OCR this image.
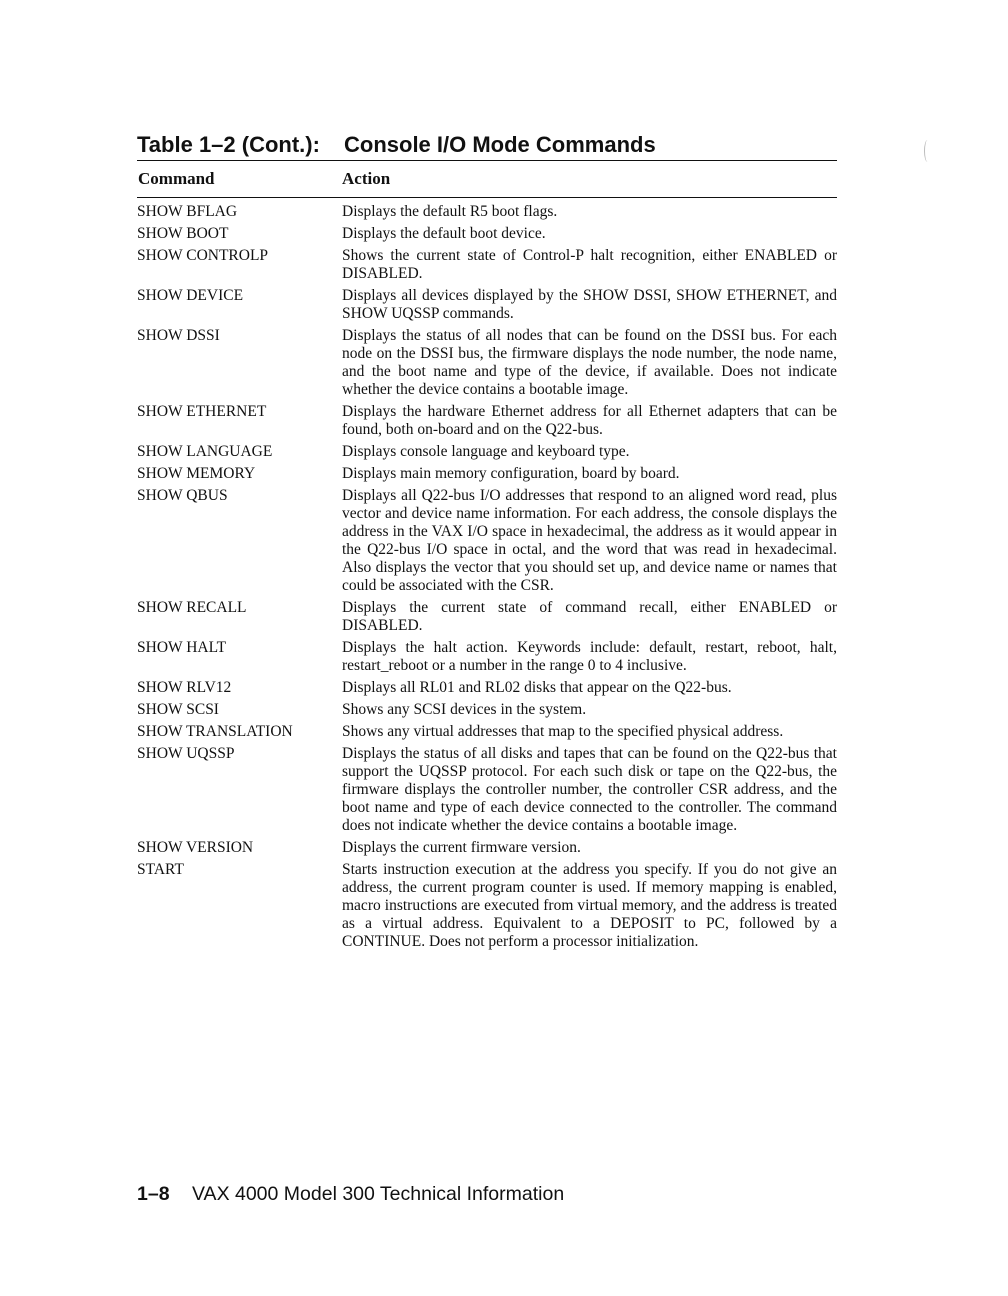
Table 1–2 (Cont.): Console I/O Mode Commands
Command	Action
SHOW BFLAG	Displays the default R5 boot flags.
SHOW BOOT	Displays the default boot device.
SHOW CONTROLP	Shows the current state of Control-P halt recognition, either ENABLED or DISABLED.
SHOW DEVICE	Displays all devices displayed by the SHOW DSSI, SHOW ETHERNET, and SHOW UQSSP commands.
SHOW DSSI	Displays the status of all nodes that can be found on the DSSI bus. For each node on the DSSI bus, the firmware displays the node number, the node name, and the boot name and type of the device, if available. Does not indicate whether the device contains a bootable image.
SHOW ETHERNET	Displays the hardware Ethernet address for all Ethernet adapters that can be found, both on-board and on the Q22-bus.
SHOW LANGUAGE	Displays console language and keyboard type.
SHOW MEMORY	Displays main memory configuration, board by board.
SHOW QBUS	Displays all Q22-bus I/O addresses that respond to an aligned word read, plus vector and device name information. For each address, the console displays the address in the VAX I/O space in hexadecimal, the address as it would appear in the Q22-bus I/O space in octal, and the word that was read in hexadecimal. Also displays the vector that you should set up, and device name or names that could be associated with the CSR.
SHOW RECALL	Displays the current state of command recall, either ENABLED or DISABLED.
SHOW HALT	Displays the halt action. Keywords include: default, restart, reboot, halt, restart_reboot or a number in the range 0 to 4 inclusive.
SHOW RLV12	Displays all RL01 and RL02 disks that appear on the Q22-bus.
SHOW SCSI	Shows any SCSI devices in the system.
SHOW TRANSLATION	Shows any virtual addresses that map to the specified physical address.
SHOW UQSSP	Displays the status of all disks and tapes that can be found on the Q22-bus that support the UQSSP protocol. For each such disk or tape on the Q22-bus, the firmware displays the controller number, the controller CSR address, and the boot name and type of each device connected to the controller. The command does not indicate whether the device contains a bootable image.
SHOW VERSION	Displays the current firmware version.
START	Starts instruction execution at the address you specify. If you do not give an address, the current program counter is used. If memory mapping is enabled, macro instructions are executed from virtual memory, and the address is treated as a virtual address. Equivalent to a DEPOSIT to PC, followed by a CONTINUE. Does not perform a processor initialization.
1–8 VAX 4000 Model 300 Technical Information
